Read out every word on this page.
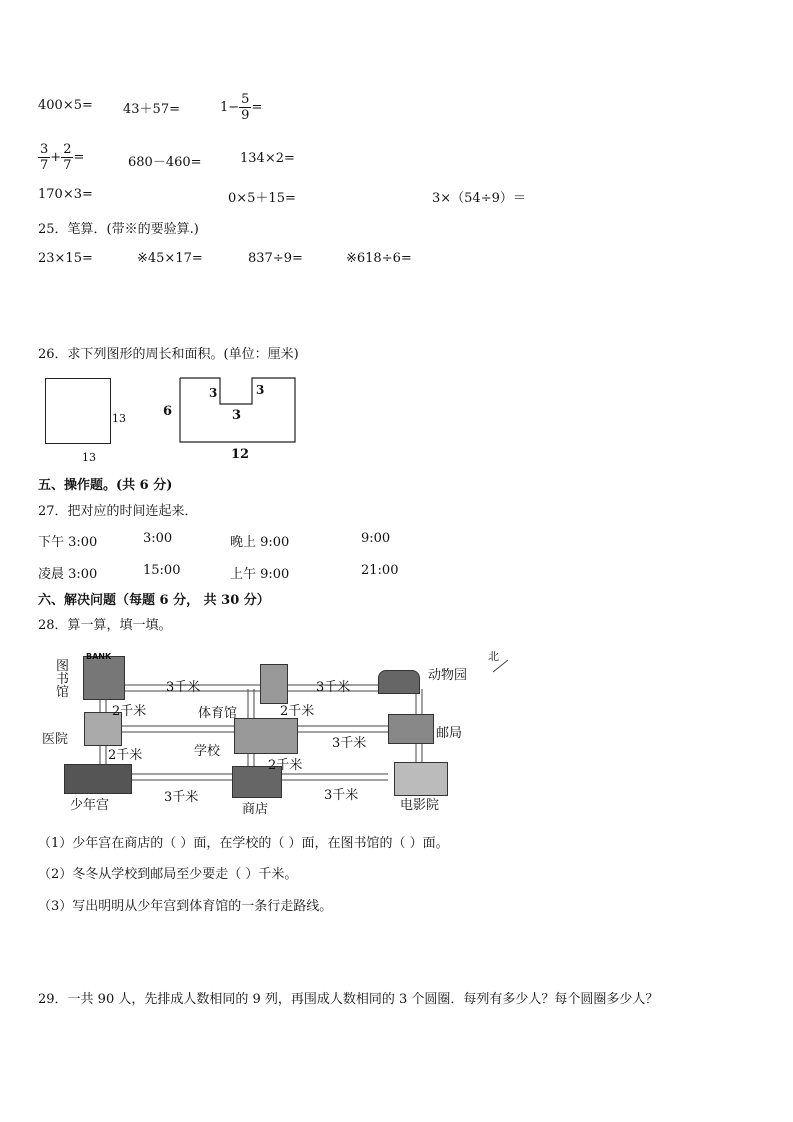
400×5= 43＋57=	$1- \frac{5}{9}$ =
$\frac{3}{7} + \frac{2}{7}$ =	680－460=	134×2=
170×3=	0×5＋15=	3×（54÷9）＝
25．笔算．(带※的要验算.)
23×15=	※45×17=	837÷9=	※618÷6=
26．求下列图形的周长和面积。(单位：厘米)
13
13
6
3	3
3
12
五、操作题。(共 6 分)
27．把对应的时间连起来．
下午 3:00	3:00	晚上 9:00	9:00
凌晨 3:00	15:00	上午 9:00	21:00
六、解决问题（每题 6 分， 共 30 分）
28．算一算，填一填。
BANK
图书馆	3千米	3千米
动物园
北
2千米	体育馆	2千米
医院	3千米
邮局
2千米	学校
2千米
3千米	3千米
少年宫	商店	电影院
（1）少年宫在商店的（ ）面，在学校的（ ）面，在图书馆的（ ）面。
（2）冬冬从学校到邮局至少要走（ ）千米。
（3）写出明明从少年宫到体育馆的一条行走路线。
29．一共 90 人，先排成人数相同的 9 列，再围成人数相同的 3 个圆圈．每列有多少人？每个圆圈多少人？
